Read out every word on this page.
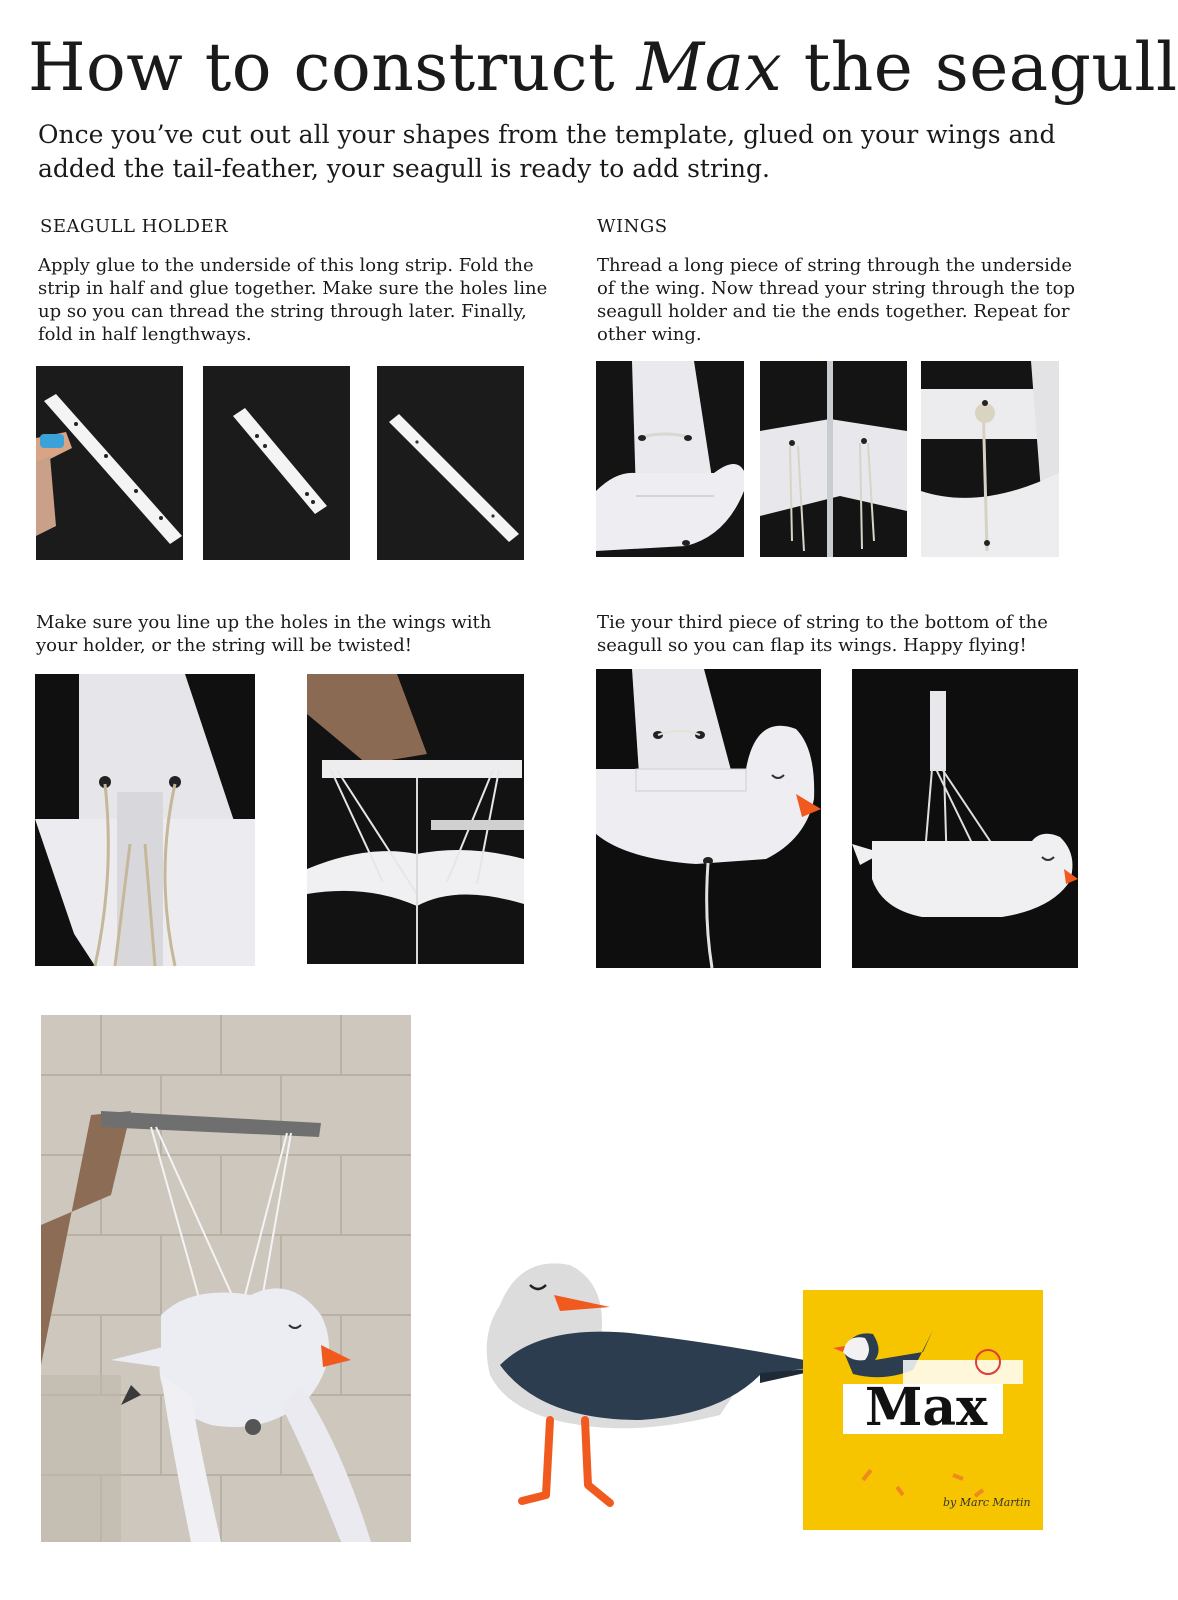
How to construct Max the seagull
Once you’ve cut out all your shapes from the template, glued on your wings and added the tail-feather, your seagull is ready to add string.
SEAGULL HOLDER
Apply glue to the underside of this long strip. Fold the strip in half and glue together. Make sure the holes line up so you can thread the string through later. Finally, fold in half lengthways.
WINGS
Thread a long piece of string through the underside of the wing. Now thread your string through the top seagull holder and tie the ends together. Repeat for other wing.
Make sure you line up the holes in the wings with your holder, or the string will be twisted!
Tie your third piece of string to the bottom of the seagull so you can flap its wings. Happy flying!
Max
by Marc Martin
